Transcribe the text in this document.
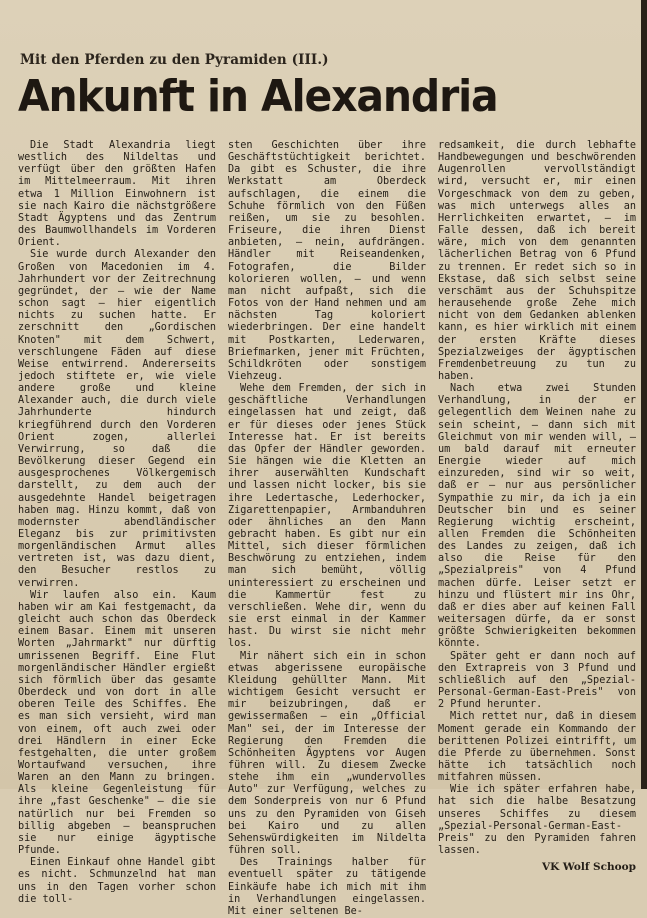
Mit den Pferden zu den Pyramiden (III.)
Ankunft in Alexandria

Die Stadt Alexandria liegt westlich des Nildeltas und verfügt über den größten Hafen im Mittelmeerraum. Mit ihren etwa 1 Million Einwohnern ist sie nach Kairo die nächstgrößere Stadt Ägyptens und das Zentrum des Baumwollhandels im Vorderen Orient.

Sie wurde durch Alexander den Großen von Macedonien im 4. Jahrhundert vor der Zeitrechnung gegründet, der – wie der Name schon sagt – hier eigentlich nichts zu suchen hatte. Er zerschnitt den „Gordischen Knoten" mit dem Schwert, verschlungene Fäden auf diese Weise entwirrend. Andererseits jedoch stiftete er, wie viele andere große und kleine Alexander auch, die durch viele Jahrhunderte hindurch kriegführend durch den Vorderen Orient zogen, allerlei Verwirrung, so daß die Bevölkerung dieser Gegend ein ausgesprochenes Völkergemisch darstellt, zu dem auch der ausgedehnte Handel beigetragen haben mag. Hinzu kommt, daß von modernster abendländischer Eleganz bis zur primitivsten morgenländischen Armut alles vertreten ist, was dazu dient, den Besucher restlos zu verwirren.

Wir laufen also ein. Kaum haben wir am Kai festgemacht, da gleicht auch schon das Oberdeck einem Basar. Einem mit unseren Worten „Jahrmarkt" nur dürftig umrissenen Begriff. Eine Flut morgenländischer Händler ergießt sich förmlich über das gesamte Oberdeck und von dort in alle oberen Teile des Schiffes. Ehe es man sich versieht, wird man von einem, oft auch zwei oder drei Händlern in einer Ecke festgehalten, die unter großem Wortaufwand versuchen, ihre Waren an den Mann zu bringen. Als kleine Gegenleistung für ihre „fast Geschenke" – die sie natürlich nur bei Fremden so billig abgeben – beanspruchen sie nur einige ägyptische Pfunde.

Einen Einkauf ohne Handel gibt es nicht. Schmunzelnd hat man uns in den Tagen vorher schon die toll-

sten Geschichten über ihre Geschäftstüchtigkeit berichtet. Da gibt es Schuster, die ihre Werkstatt am Oberdeck aufschlagen, die einem die Schuhe förmlich von den Füßen reißen, um sie zu besohlen. Friseure, die ihren Dienst anbieten, – nein, aufdrängen. Händler mit Reiseandenken, Fotografen, die Bilder kolorieren wollen, – und wenn man nicht aufpaßt, sich die Fotos von der Hand nehmen und am nächsten Tag koloriert wiederbringen. Der eine handelt mit Postkarten, Lederwaren, Briefmarken, jener mit Früchten, Schildkröten oder sonstigem Viehzeug.

Wehe dem Fremden, der sich in geschäftliche Verhandlungen eingelassen hat und zeigt, daß er für dieses oder jenes Stück Interesse hat. Er ist bereits das Opfer der Händler geworden. Sie hängen wie die Kletten an ihrer auserwählten Kundschaft und lassen nicht locker, bis sie ihre Ledertasche, Lederhocker, Zigarettenpapier, Armbanduhren oder ähnliches an den Mann gebracht haben. Es gibt nur ein Mittel, sich dieser förmlichen Beschwörung zu entziehen, indem man sich bemüht, völlig uninteressiert zu erscheinen und die Kammertür fest zu verschließen. Wehe dir, wenn du sie erst einmal in der Kammer hast. Du wirst sie nicht mehr los.

Mir nähert sich ein in schon etwas abgerissene europäische Kleidung gehüllter Mann. Mit wichtigem Gesicht versucht er mir beizubringen, daß er gewissermaßen – ein „Official Man" sei, der im Interesse der Regierung den Fremden die Schönheiten Ägyptens vor Augen führen will. Zu diesem Zwecke stehe ihm ein „wundervolles Auto" zur Verfügung, welches zu dem Sonderpreis von nur 6 Pfund uns zu den Pyramiden von Giseh bei Kairo und zu allen Sehenswürdigkeiten im Nildelta führen soll.

Des Trainings halber für eventuell später zu tätigende Einkäufe habe ich mich mit ihm in Verhandlungen eingelassen. Mit einer seltenen Be-

redsamkeit, die durch lebhafte Handbewegungen und beschwörenden Augenrollen vervollständigt wird, versucht er, mir einen Vorgeschmack von dem zu geben, was mich unterwegs alles an Herrlichkeiten erwartet, – im Falle dessen, daß ich bereit wäre, mich von dem genannten lächerlichen Betrag von 6 Pfund zu trennen. Er redet sich so in Ekstase, daß sich selbst seine verschämt aus der Schuhspitze herausehende große Zehe mich nicht von dem Gedanken ablenken kann, es hier wirklich mit einem der ersten Kräfte dieses Spezialzweiges der ägyptischen Fremdenbetreuung zu tun zu haben.

Nach etwa zwei Stunden Verhandlung, in der er gelegentlich dem Weinen nahe zu sein scheint, – dann sich mit Gleichmut von mir wenden will, – um bald darauf mit erneuter Energie wieder auf mich einzureden, sind wir so weit, daß er – nur aus persönlicher Sympathie zu mir, da ich ja ein Deutscher bin und es seiner Regierung wichtig erscheint, allen Fremden die Schönheiten des Landes zu zeigen, daß ich also die Reise für den „Spezialpreis" von 4 Pfund machen dürfe. Leiser setzt er hinzu und flüstert mir ins Ohr, daß er dies aber auf keinen Fall weitersagen dürfe, da er sonst größte Schwierigkeiten bekommen könnte.

Später geht er dann noch auf den Extrapreis von 3 Pfund und schließlich auf den „Spezial-Personal-German-East-Preis" von 2 Pfund herunter.

Mich rettet nur, daß in diesem Moment gerade ein Kommando der berittenen Polizei eintrifft, um die Pferde zu übernehmen. Sonst hätte ich tatsächlich noch mitfahren müssen.

Wie ich später erfahren habe, hat sich die halbe Besatzung unseres Schiffes zu diesem „Spezial-Personal-German-East-Preis" zu den Pyramiden fahren lassen.

VK Wolf Schoop
